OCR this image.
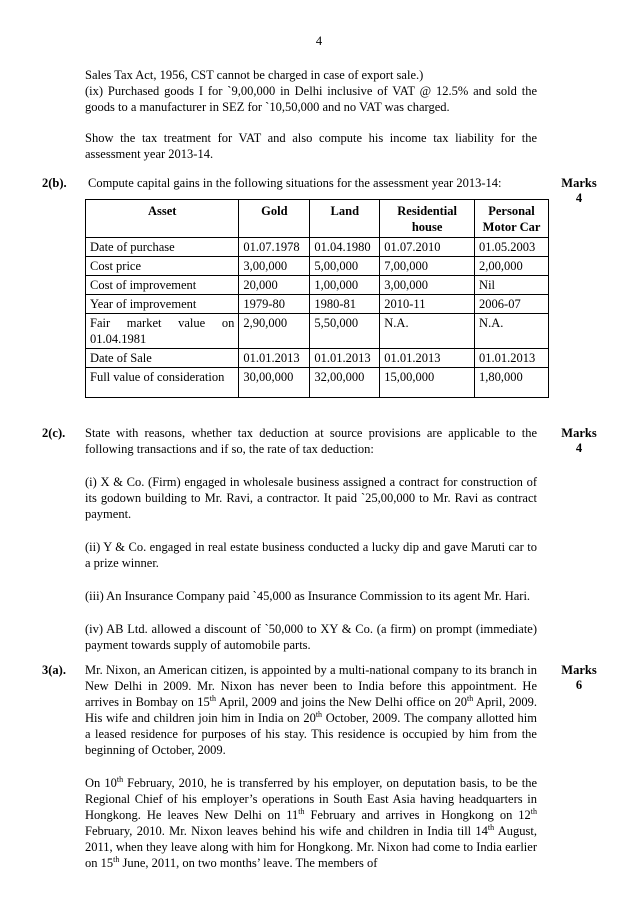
4

Sales Tax Act, 1956, CST cannot be charged in case of export sale.)

(ix) Purchased goods I for `9,00,000 in Delhi inclusive of VAT @ 12.5% and sold the goods to a manufacturer in SEZ for `10,50,000 and no VAT was charged.

Show the tax treatment for VAT and also compute his income tax liability for the assessment year 2013-14.

2(b). Compute capital gains in the following situations for the assessment year 2013-14:	Marks
4
Asset	Gold	Land	Residential house	Personal Motor Car
Date of purchase	01.07.1978	01.04.1980	01.07.2010	01.05.2003
Cost price	3,00,000	5,00,000	7,00,000	2,00,000
Cost of improvement	20,000	1,00,000	3,00,000	Nil
Year of improvement	1979-80	1980-81	2010-11	2006-07
Fair market value on 01.04.1981	2,90,000	5,50,000	N.A.	N.A.
Date of Sale	01.01.2013	01.01.2013	01.01.2013	01.01.2013
Full value of consideration	30,00,000	32,00,000	15,00,000	1,80,000
2(c).	Marks
4

State with reasons, whether tax deduction at source provisions are applicable to the following transactions and if so, the rate of tax deduction:

(i) X & Co. (Firm) engaged in wholesale business assigned a contract for construction of its godown building to Mr. Ravi, a contractor. It paid `25,00,000 to Mr. Ravi as contract payment.

(ii) Y & Co. engaged in real estate business conducted a lucky dip and gave Maruti car to a prize winner.

(iii) An Insurance Company paid `45,000 as Insurance Commission to its agent Mr. Hari.

(iv) AB Ltd. allowed a discount of `50,000 to XY & Co. (a firm) on prompt (immediate) payment towards supply of automobile parts.

3(a).	Marks
6

Mr. Nixon, an American citizen, is appointed by a multi-national company to its branch in New Delhi in 2009. Mr. Nixon has never been to India before this appointment. He arrives in Bombay on 15th April, 2009 and joins the New Delhi office on 20th April, 2009. His wife and children join him in India on 20th October, 2009. The company allotted him a leased residence for purposes of his stay. This residence is occupied by him from the beginning of October, 2009.

On 10th February, 2010, he is transferred by his employer, on deputation basis, to be the Regional Chief of his employer’s operations in South East Asia having headquarters in Hongkong. He leaves New Delhi on 11th February and arrives in Hongkong on 12th February, 2010. Mr. Nixon leaves behind his wife and children in India till 14th August, 2011, when they leave along with him for Hongkong. Mr. Nixon had come to India earlier on 15th June, 2011, on two months’ leave. The members of
